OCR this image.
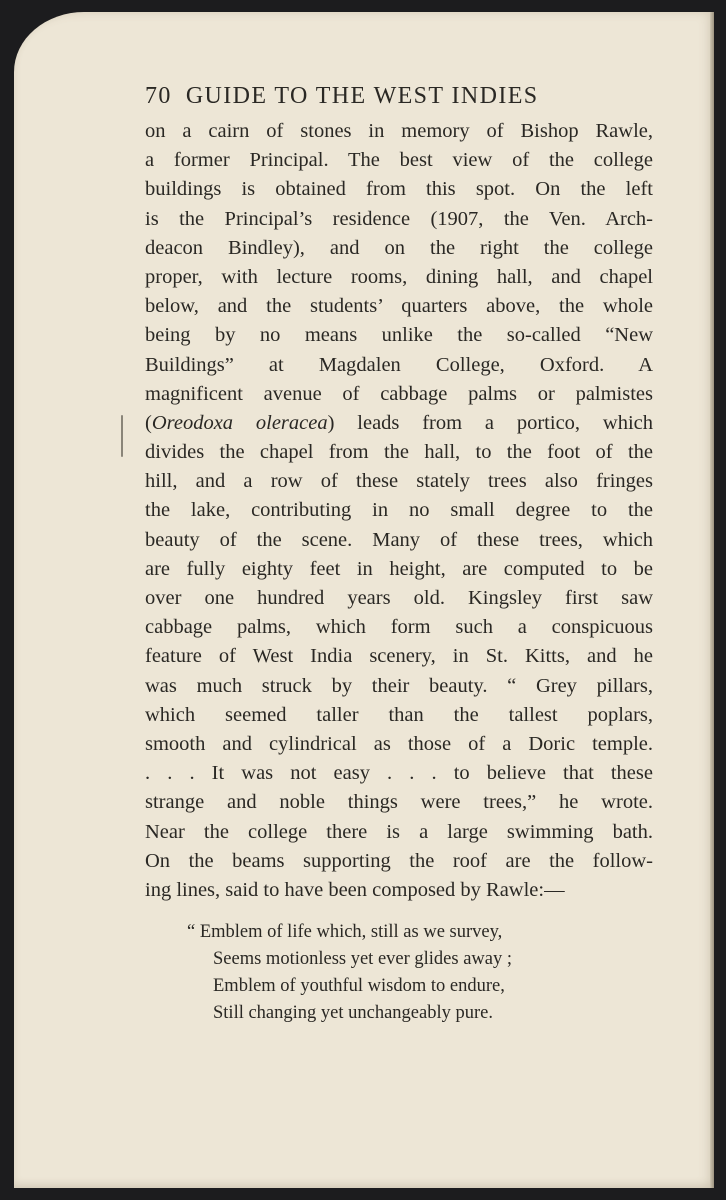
70 GUIDE TO THE WEST INDIES
on a cairn of stones in memory of Bishop Rawle,
a former Principal. The best view of the college
buildings is obtained from this spot. On the left
is the Principal’s residence (1907, the Ven. Arch-
deacon Bindley), and on the right the college
proper, with lecture rooms, dining hall, and chapel
below, and the students’ quarters above, the whole
being by no means unlike the so-called “New
Buildings” at Magdalen College, Oxford. A
magnificent avenue of cabbage palms or palmistes
(Oreodoxa oleracea) leads from a portico, which
divides the chapel from the hall, to the foot of the
hill, and a row of these stately trees also fringes
the lake, contributing in no small degree to the
beauty of the scene. Many of these trees, which
are fully eighty feet in height, are computed to be
over one hundred years old. Kingsley first saw
cabbage palms, which form such a conspicuous
feature of West India scenery, in St. Kitts, and he
was much struck by their beauty. “ Grey pillars,
which seemed taller than the tallest poplars,
smooth and cylindrical as those of a Doric temple.
. . . It was not easy . . . to believe that these
strange and noble things were trees,” he wrote.
Near the college there is a large swimming bath.
On the beams supporting the roof are the follow-
ing lines, said to have been composed by Rawle:—
“ Emblem of life which, still as we survey,
Seems motionless yet ever glides away ;
Emblem of youthful wisdom to endure,
Still changing yet unchangeably pure.
